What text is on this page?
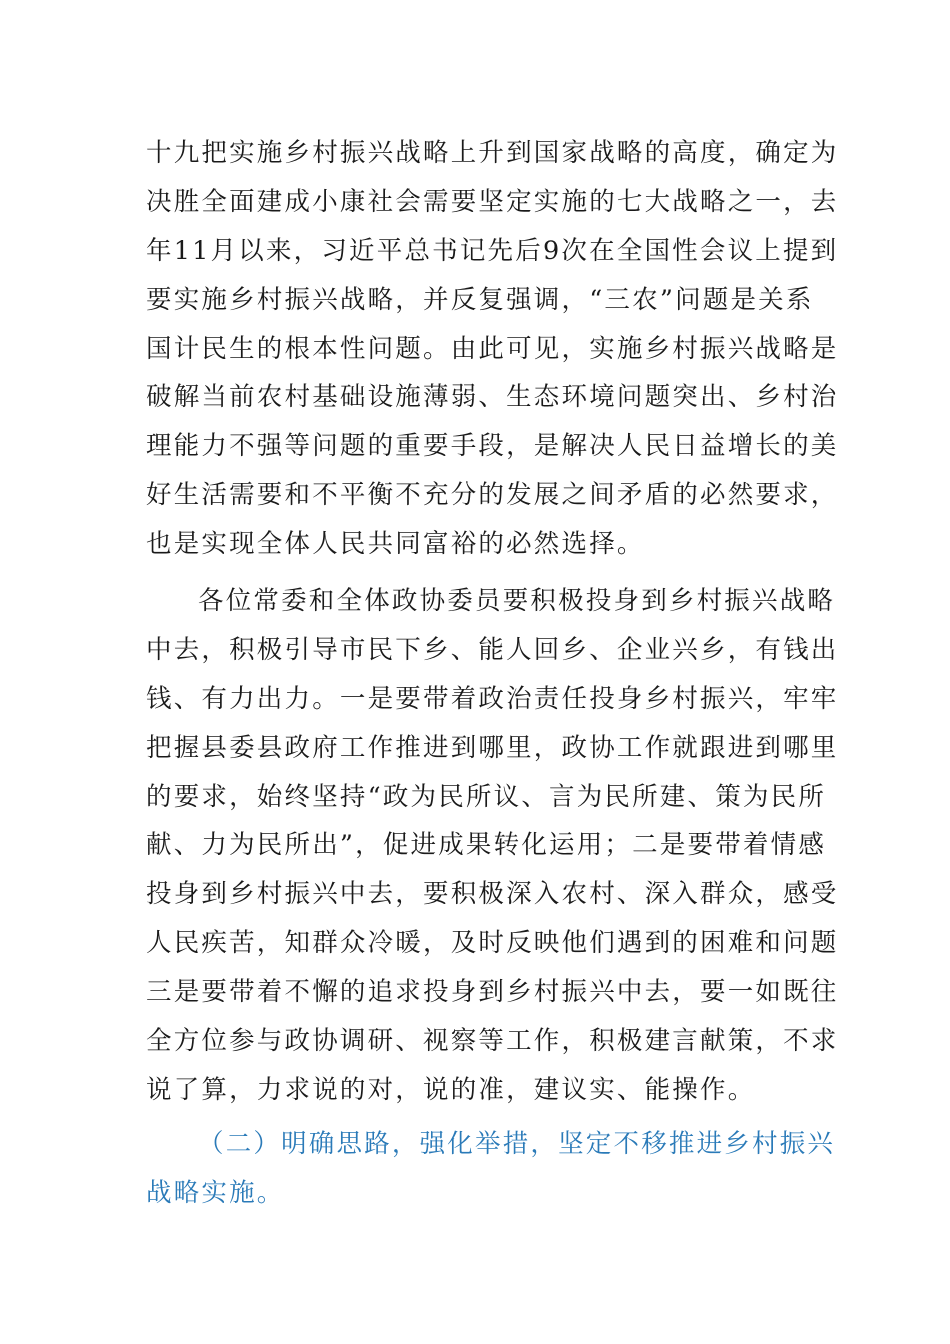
十九把实施乡村振兴战略上升到国家战略的高度，确定为
决胜全面建成小康社会需要坚定实施的七大战略之一，去
年11月以来，习近平总书记先后9次在全国性会议上提到
要实施乡村振兴战略，并反复强调，“三农”问题是关系
国计民生的根本性问题。由此可见，实施乡村振兴战略是
破解当前农村基础设施薄弱、生态环境问题突出、乡村治
理能力不强等问题的重要手段，是解决人民日益增长的美
好生活需要和不平衡不充分的发展之间矛盾的必然要求，
也是实现全体人民共同富裕的必然选择。
各位常委和全体政协委员要积极投身到乡村振兴战略
中去，积极引导市民下乡、能人回乡、企业兴乡，有钱出
钱、有力出力。一是要带着政治责任投身乡村振兴，牢牢
把握县委县政府工作推进到哪里，政协工作就跟进到哪里
的要求，始终坚持“政为民所议、言为民所建、策为民所
献、力为民所出”，促进成果转化运用；二是要带着情感
投身到乡村振兴中去，要积极深入农村、深入群众，感受
人民疾苦，知群众冷暖，及时反映他们遇到的困难和问题
三是要带着不懈的追求投身到乡村振兴中去，要一如既往
全方位参与政协调研、视察等工作，积极建言献策，不求
说了算，力求说的对，说的准，建议实、能操作。
（二）明确思路，强化举措，坚定不移推进乡村振兴
战略实施。
